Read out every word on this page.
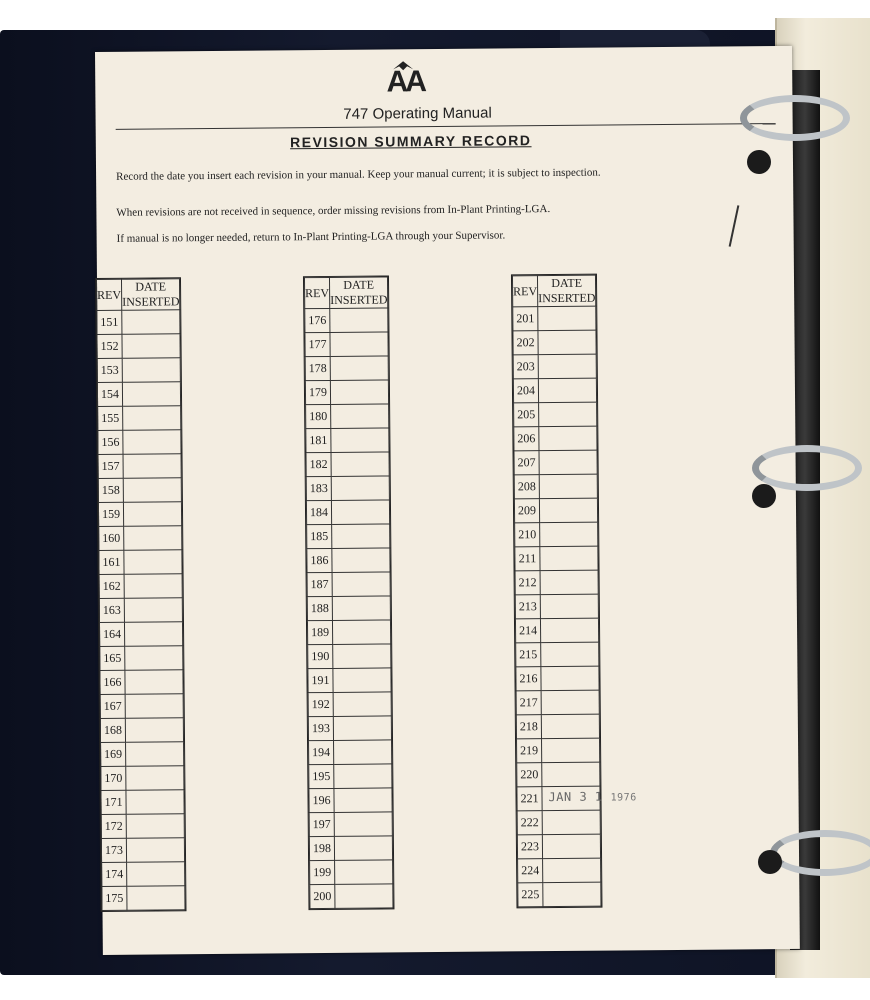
AA
747 Operating Manual
REVISION SUMMARY RECORD
Record the date you insert each revision in your manual. Keep your manual current; it is subject to inspection.
When revisions are not received in sequence, order missing revisions from In-Plant Printing-LGA.
If manual is no longer needed, return to In-Plant Printing-LGA through your Supervisor.
REV	DATE INSERTED
151	
152	
153	
154	
155	
156	
157	
158	
159	
160	
161	
162	
163	
164	
165	
166	
167	
168	
169	
170	
171	
172	
173	
174	
175	
REV	DATE INSERTED
176	
177	
178	
179	
180	
181	
182	
183	
184	
185	
186	
187	
188	
189	
190	
191	
192	
193	
194	
195	
196	
197	
198	
199	
200	
REV	DATE INSERTED
201	
202	
203	
204	
205	
206	
207	
208	
209	
210	
211	
212	
213	
214	
215	
216	
217	
218	
219	
220	
221	JAN 3 1 1976

222	
223	
224	
225	
